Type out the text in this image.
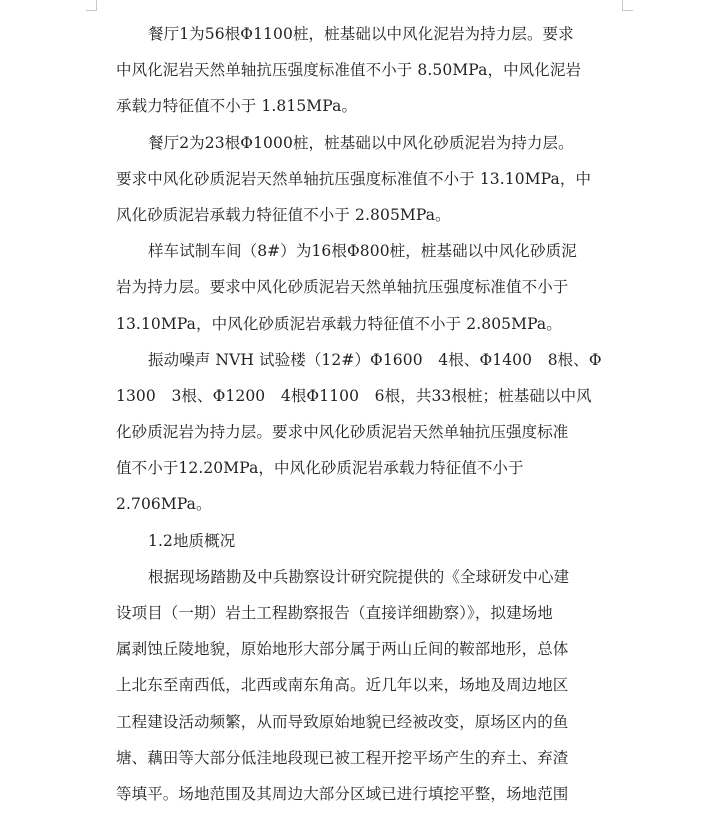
餐厅1为56根Φ1100桩，桩基础以中风化泥岩为持力层。要求
中风化泥岩天然单轴抗压强度标准值不小于 8.50MPa，中风化泥岩
承载力特征值不小于 1.815MPa。
餐厅2为23根Φ1000桩，桩基础以中风化砂质泥岩为持力层。
要求中风化砂质泥岩天然单轴抗压强度标准值不小于 13.10MPa，中
风化砂质泥岩承载力特征值不小于 2.805MPa。
样车试制车间（8#）为16根Φ800桩，桩基础以中风化砂质泥
岩为持力层。要求中风化砂质泥岩天然单轴抗压强度标准值不小于
13.10MPa，中风化砂质泥岩承载力特征值不小于 2.805MPa。
振动噪声 NVH 试验楼（12#）Φ1600　4根、Φ1400　8根、Φ
1300　3根、Φ1200　4根Φ1100　6根，共33根桩；桩基础以中风
化砂质泥岩为持力层。要求中风化砂质泥岩天然单轴抗压强度标准
值不小于12.20MPa，中风化砂质泥岩承载力特征值不小于
2.706MPa。
1.2地质概况
根据现场踏勘及中兵勘察设计研究院提供的《全球研发中心建
设项目（一期）岩土工程勘察报告（直接详细勘察）》，拟建场地
属剥蚀丘陵地貌，原始地形大部分属于两山丘间的鞍部地形，总体
上北东至南西低，北西或南东角高。近几年以来，场地及周边地区
工程建设活动频繁，从而导致原始地貌已经被改变，原场区内的鱼
塘、藕田等大部分低洼地段现已被工程开挖平场产生的弃土、弃渣
等填平。场地范围及其周边大部分区域已进行填挖平整，场地范围
